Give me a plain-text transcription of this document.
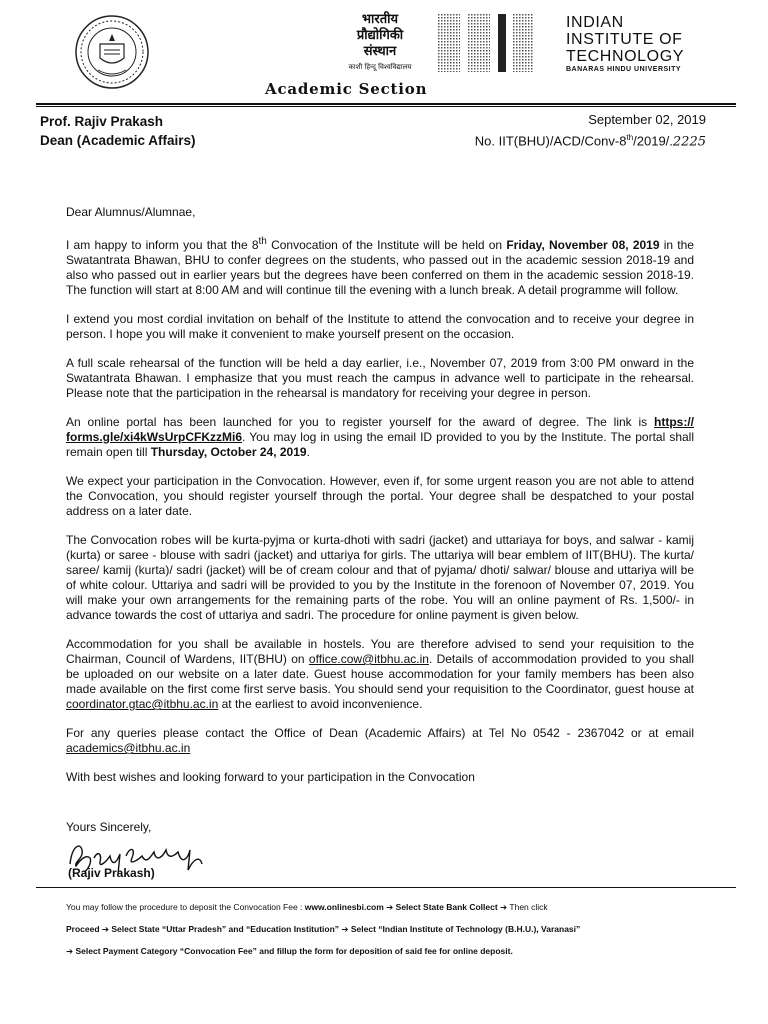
भारतीय
प्रौद्योगिकी
संस्थान
काशी हिन्दू विश्वविद्यालय
INDIAN
INSTITUTE OF
TECHNOLOGY
BANARAS HINDU UNIVERSITY
Academic Section
Prof. Rajiv Prakash
Dean (Academic Affairs)
September 02, 2019
No. IIT(BHU)/ACD/Conv-8th/2019/.2225

Dear Alumnus/Alumnae,

I am happy to inform you that the 8th Convocation of the Institute will be held on Friday, November 08, 2019 in the Swatantrata Bhawan, BHU to confer degrees on the students, who passed out in the academic session 2018-19 and also who passed out in earlier years but the degrees have been conferred on them in the academic session 2018-19. The function will start at 8:00 AM and will continue till the evening with a lunch break. A detail programme will follow.

I extend you most cordial invitation on behalf of the Institute to attend the convocation and to receive your degree in person. I hope you will make it convenient to make yourself present on the occasion.

A full scale rehearsal of the function will be held a day earlier, i.e., November 07, 2019 from 3:00 PM onward in the Swatantrata Bhawan. I emphasize that you must reach the campus in advance well to participate in the rehearsal. Please note that the participation in the rehearsal is mandatory for receiving your degree in person.

An online portal has been launched for you to register yourself for the award of degree. The link is https:// forms.gle/xi4kWsUrpCFKzzMi6. You may log in using the email ID provided to you by the Institute. The portal shall remain open till Thursday, October 24, 2019.

We expect your participation in the Convocation. However, even if, for some urgent reason you are not able to attend the Convocation, you should register yourself through the portal. Your degree shall be despatched to your postal address on a later date.

The Convocation robes will be kurta-pyjma or kurta-dhoti with sadri (jacket) and uttariaya for boys, and salwar - kamij (kurta) or saree - blouse with sadri (jacket) and uttariya for girls. The uttariya will bear emblem of IIT(BHU). The kurta/ saree/ kamij (kurta)/ sadri (jacket) will be of cream colour and that of pyjama/ dhoti/ salwar/ blouse and uttariya will be of white colour. Uttariya and sadri will be provided to you by the Institute in the forenoon of November 07, 2019. You will make your own arrangements for the remaining parts of the robe. You will an online payment of Rs. 1,500/- in advance towards the cost of uttariya and sadri. The procedure for online payment is given below.

Accommodation for you shall be available in hostels. You are therefore advised to send your requisition to the Chairman, Council of Wardens, IIT(BHU) on office.cow@itbhu.ac.in. Details of accommodation provided to you shall be uploaded on our website on a later date. Guest house accommodation for your family members has been also made available on the first come first serve basis. You should send your requisition to the Coordinator, guest house at coordinator.gtac@itbhu.ac.in at the earliest to avoid inconvenience.

For any queries please contact the Office of Dean (Academic Affairs) at Tel No 0542 - 2367042 or at email academics@itbhu.ac.in

With best wishes and looking forward to your participation in the Convocation

Yours Sincerely,
(Rajiv Prakash)
You may follow the procedure to deposit the Convocation Fee : www.onlinesbi.com ➔ Select State Bank Collect ➔ Then click
Proceed ➔ Select State “Uttar Pradesh” and “Education Institution” ➔ Select “Indian Institute of Technology (B.H.U.), Varanasi”
➔ Select Payment Category “Convocation Fee” and fillup the form for deposition of said fee for online deposit.
